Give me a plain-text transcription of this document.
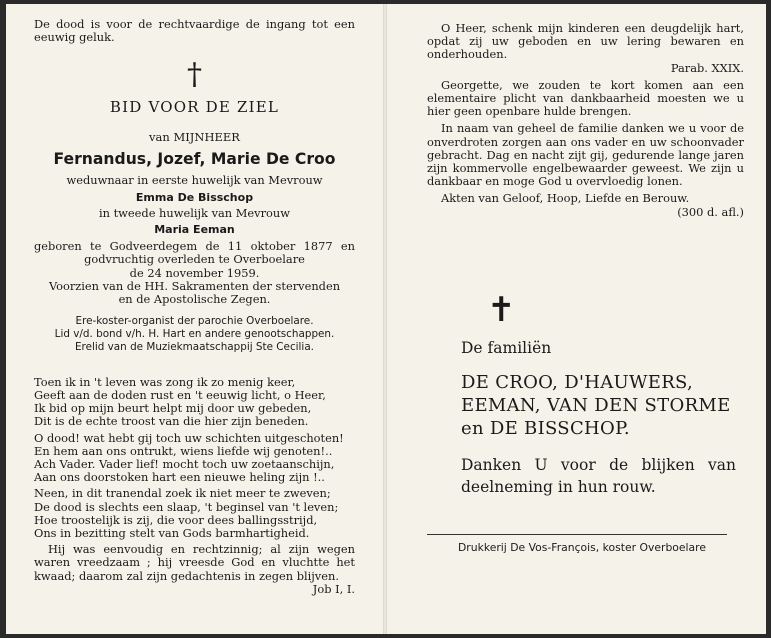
De dood is voor de rechtvaardige de ingang tot een eeuwig geluk.

†

BID VOOR DE ZIEL

van MIJNHEER

Fernandus, Jozef, Marie De Croo

weduwnaar in eerste huwelijk van Mevrouw

Emma De Bisschop

in tweede huwelijk van Mevrouw

Maria Eeman

geboren te Godveerdegem de 11 oktober 1877 en godvruchtig overleden te Overboelare

de 24 november 1959.

Voorzien van de HH. Sakramenten der stervenden

en de Apostolische Zegen.

Ere-koster-organist der parochie Overboelare.

Lid v/d. bond v/h. H. Hart en andere genootschappen.

Erelid van de Muziekmaatschappij Ste Cecilia.

Toen ik in 't leven was zong ik zo menig keer,
Geeft aan de doden rust en 't eeuwig licht, o Heer,
Ik bid op mijn beurt helpt mij door uw gebeden,
Dit is de echte troost van die hier zijn beneden.
O dood! wat hebt gij toch uw schichten uitgeschoten!
En hem aan ons ontrukt, wiens liefde wij genoten!..
Ach Vader. Vader lief! mocht toch uw zoetaanschijn,
Aan ons doorstoken hart een nieuwe heling zijn !..
Neen, in dit tranendal zoek ik niet meer te zweven;
De dood is slechts een slaap, 't beginsel van 't leven;
Hoe troostelijk is zij, die voor dees ballingsstrijd,
Ons in bezitting stelt van Gods barmhartigheid.

Hij was eenvoudig en rechtzinnig; al zijn wegen waren vreedzaam ; hij vreesde God en vluchtte het kwaad; daarom zal zijn gedachtenis in zegen blijven.

Job I, I.

O Heer, schenk mijn kinderen een deugdelijk hart, opdat zij uw geboden en uw lering bewaren en onderhouden.

Parab. XXIX.

Georgette, we zouden te kort komen aan een elementaire plicht van dankbaarheid moesten we u hier geen openbare hulde brengen.

In naam van geheel de familie danken we u voor de onverdroten zorgen aan ons vader en uw schoonvader gebracht. Dag en nacht zijt gij, gedurende lange jaren zijn kommervolle engelbewaarder geweest. We zijn u dankbaar en moge God u overvloedig lonen.

Akten van Geloof, Hoop, Liefde en Berouw.

(300 d. afl.)

✝

De familiën

DE CROO, D'HAUWERS,
EEMAN, VAN DEN STORME
en DE BISSCHOP.

Danken U voor de blijken van deelneming in hun rouw.

Drukkerij De Vos-François, koster Overboelare
